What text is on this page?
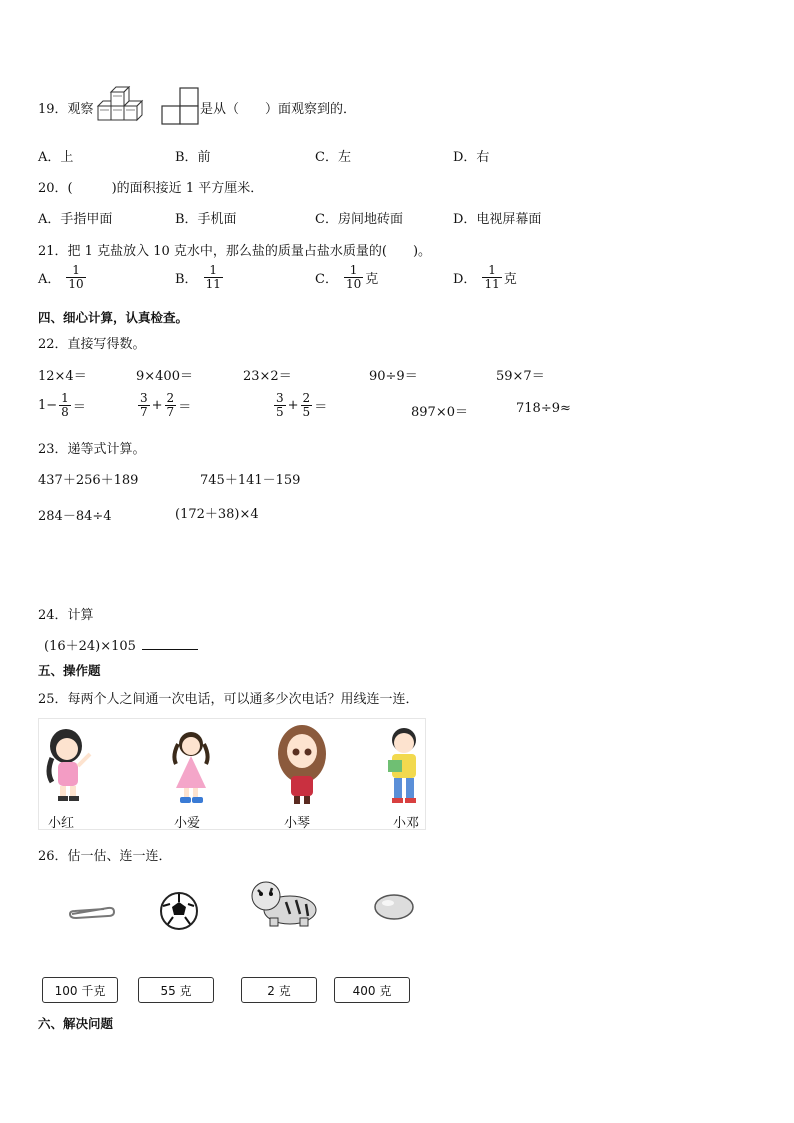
19．观察	是从（　　）面观察到的．
A．上	B．前	C．左	D．右
20．(　　　)的面积接近 1 平方厘米．
A．手指甲面	B．手机面	C．房间地砖面	D．电视屏幕面
21．把 1 克盐放入 10 克水中，那么盐的质量占盐水质量的(　　)。
A． $\frac{1}{10}$	B． $\frac{1}{11}$	C． $\frac{1}{10}$ 克	D． $\frac{1}{11}$ 克
四、细心计算，认真检查。
22．直接写得数。
12×4＝	9×400＝	23×2＝	90÷9＝	59×7＝
$1- \frac{1}{8}$ ＝	$\frac{3}{7} + \frac{2}{7}$ ＝	$\frac{3}{5} + \frac{2}{5}$ ＝	897×0＝	718÷9≈
23．递等式计算。
437＋256＋189	745＋141－159
284－84÷4	(172＋38)×4
24．计算
(16＋24)×105
五、操作题
25．每两个人之间通一次电话，可以通多少次电话？用线连一连．
小红	小爱	小琴	小邓
26．估一估、连一连．
100 千克	55 克	2 克	400 克
六、解决问题
